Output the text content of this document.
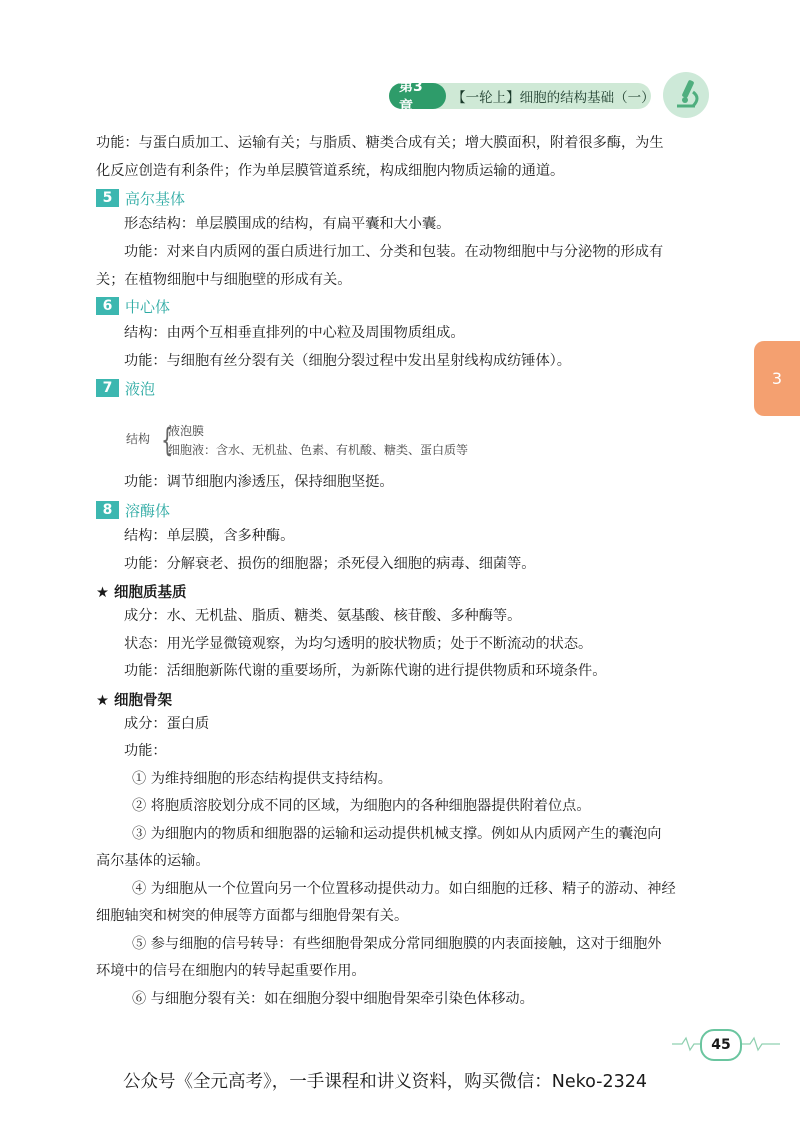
第3章
【一轮上】细胞的结构基础（一）
3
功能：与蛋白质加工、运输有关；与脂质、糖类合成有关；增大膜面积，附着很多酶，为生
化反应创造有利条件；作为单层膜管道系统，构成细胞内物质运输的通道。
5 高尔基体
形态结构：单层膜围成的结构，有扁平囊和大小囊。
功能：对来自内质网的蛋白质进行加工、分类和包装。在动物细胞中与分泌物的形成有
关；在植物细胞中与细胞壁的形成有关。
6 中心体
结构：由两个互相垂直排列的中心粒及周围物质组成。
功能：与细胞有丝分裂有关（细胞分裂过程中发出星射线构成纺锤体）。
7 液泡
结构 {
液泡膜
细胞液：含水、无机盐、色素、有机酸、糖类、蛋白质等
功能：调节细胞内渗透压，保持细胞坚挺。
8 溶酶体
结构：单层膜，含多种酶。
功能：分解衰老、损伤的细胞器；杀死侵入细胞的病毒、细菌等。
★ 细胞质基质
成分：水、无机盐、脂质、糖类、氨基酸、核苷酸、多种酶等。
状态：用光学显微镜观察，为均匀透明的胶状物质；处于不断流动的状态。
功能：活细胞新陈代谢的重要场所，为新陈代谢的进行提供物质和环境条件。
★ 细胞骨架
成分：蛋白质
功能：
① 为维持细胞的形态结构提供支持结构。
② 将胞质溶胶划分成不同的区域，为细胞内的各种细胞器提供附着位点。
③ 为细胞内的物质和细胞器的运输和运动提供机械支撑。例如从内质网产生的囊泡向
高尔基体的运输。
④ 为细胞从一个位置向另一个位置移动提供动力。如白细胞的迁移、精子的游动、神经
细胞轴突和树突的伸展等方面都与细胞骨架有关。
⑤ 参与细胞的信号转导：有些细胞骨架成分常同细胞膜的内表面接触，这对于细胞外
环境中的信号在细胞内的转导起重要作用。
⑥ 与细胞分裂有关：如在细胞分裂中细胞骨架牵引染色体移动。
45
公众号《全元高考》，一手课程和讲义资料，购买微信：Neko-2324
